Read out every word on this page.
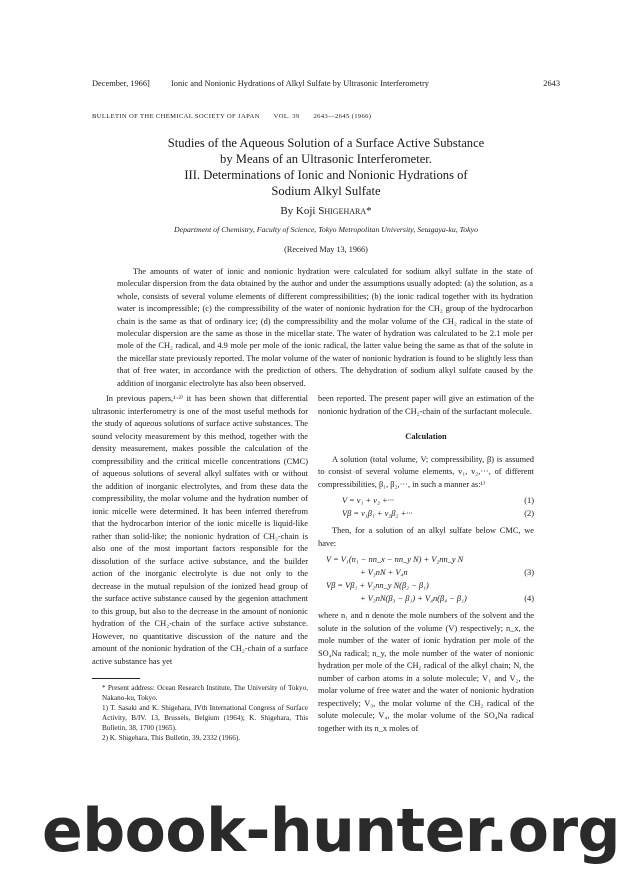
December, 1966]	Ionic and Nonionic Hydrations of Alkyl Sulfate by Ultrasonic Interferometry	2643
BULLETIN OF THE CHEMICAL SOCIETY OF JAPAN VOL. 39 2643—2645 (1966)
Studies of the Aqueous Solution of a Surface Active Substance
by Means of an Ultrasonic Interferometer.
III. Determinations of Ionic and Nonionic Hydrations of
Sodium Alkyl Sulfate
By Koji Shigehara*
Department of Chemistry, Faculty of Science, Tokyo Metropolitan University, Setagaya-ku, Tokyo
(Received May 13, 1966)

The amounts of water of ionic and nonionic hydration were calculated for sodium alkyl sulfate in the state of molecular dispersion from the data obtained by the author and under the assumptions usually adopted: (a) the solution, as a whole, consists of several volume elements of different compressibilities; (b) the ionic radical together with its hydration water is incompressible; (c) the compressibility of the water of nonionic hydration for the CH₂ group of the hydrocarbon chain is the same as that of ordinary ice; (d) the compressibility and the molar volume of the CH₂ radical in the state of molecular dispersion are the same as those in the micellar state. The water of hydration was calculated to be 2.1 mole per mole of the CH₂ radical, and 4.9 mole per mole of the ionic radical, the latter value being the same as that of the solute in the micellar state previously reported. The molar volume of the water of nonionic hydration is found to be slightly less than that of free water, in accordance with the prediction of others. The dehydration of sodium alkyl sulfate caused by the addition of inorganic electrolyte has also been observed.

In previous papers,¹·²⁾ it has been shown that differential ultrasonic interferometry is one of the most useful methods for the study of aqueous solutions of surface active substances. The sound velocity measurement by this method, together with the density measurement, makes possible the calculation of the compressibility and the critical micelle concentrations (CMC) of aqueous solutions of several alkyl sulfates with or without the addition of inorganic electrolytes, and from these data the compressibility, the molar volume and the hydration number of ionic micelle were determined. It has been inferred therefrom that the hydrocarbon interior of the ionic micelle is liquid-like rather than solid-like; the nonionic hydration of CH₂-chain is also one of the most important factors responsible for the dissolution of the surface active substance, and the builder action of the inorganic electrolyte is due not only to the decrease in the mutual repulsion of the ionized head group of the surface active substance caused by the gegenion attachment to this group, but also to the decrease in the amount of nonionic hydration of the CH₂-chain of the surface active substance. However, no quantitative discussion of the nature and the amount of the nonionic hydration of the CH₂-chain of a surface active substance has yet

* Present address: Ocean Research Institute, The University of Tokyo, Nakano-ku, Tokyo.

1) T. Sasaki and K. Shigehara, IVth International Congress of Surface Activity, B/IV. 13, Brussels, Belgium (1964); K. Shigehara, This Bulletin, 38, 1700 (1965).

2) K. Shigehara, This Bulletin, 39, 2332 (1966).

been reported. The present paper will give an estimation of the nonionic hydration of the CH₂-chain of the surfactant molecule.

Calculation

A solution (total volume, V; compressibility, β) is assumed to consist of several volume elements, v₁, v₂,···, of different compressibilities, β₁, β₂,···, in such a manner as:¹⁾

V = v₁ + v₂ +···	(1)
Vβ = v₁β₁ + v₂β₂ +···	(2)

Then, for a solution of an alkyl sulfate below CMC, we have:

V = V₁(n₁ − nn_x − nn_y N) + V₂nn_y N
+ V₃nN + V₄n	(3)
Vβ = Vβ₁ + V₂nn_y N(β₂ − β₁)
+ V₃nN(β₃ − β₁) + V₄n(β₄ − β₁)	(4)

where n₁ and n denote the mole numbers of the solvent and the solute in the solution of the volume (V) respectively; n_x, the mole number of the water of ionic hydration per mole of the SO₄Na radical; n_y, the mole number of the water of nonionic hydration per mole of the CH₂ radical of the alkyl chain; N, the number of carbon atoms in a solute molecule; V₁ and V₂, the molar volume of free water and the water of nonionic hydration respectively; V₃, the molar volume of the CH₂ radical of the solute molecule; V₄, the molar volume of the SO₄Na radical together with its n_x moles of

ebook-hunter.org
